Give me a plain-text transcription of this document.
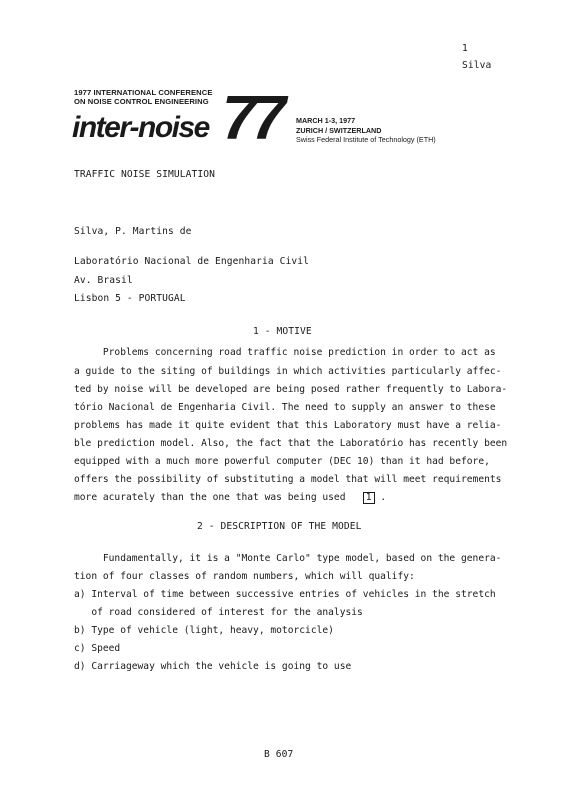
1
Silva
1977 INTERNATIONAL CONFERENCE
ON NOISE CONTROL ENGINEERING
inter-noise 77 MARCH 1-3, 1977
ZURICH / SWITZERLAND
Swiss Federal Institute of Technology (ETH)
TRAFFIC NOISE SIMULATION
Silva, P. Martins de
Laboratório Nacional de Engenharia Civil
Av. Brasil
Lisbon 5 - PORTUGAL
1 - MOTIVE
Problems concerning road traffic noise prediction in order to act as
a guide to the siting of buildings in which activities particularly affec-
ted by noise will be developed are being posed rather frequently to Labora-
tório Nacional de Engenharia Civil. The need to supply an answer to these
problems has made it quite evident that this Laboratory must have a relia-
ble prediction model. Also, the fact that the Laboratório has recently been
equipped with a much more powerful computer (DEC 10) than it had before,
offers the possibility of substituting a model that will meet requirements
more acurately than the one that was being used 1 .
2 - DESCRIPTION OF THE MODEL
Fundamentally, it is a "Monte Carlo" type model, based on the genera-
tion of four classes of random numbers, which will qualify:
a) Interval of time between successive entries of vehicles in the stretch
of road considered of interest for the analysis
b) Type of vehicle (light, heavy, motorcicle)
c) Speed
d) Carriageway which the vehicle is going to use
B 607
